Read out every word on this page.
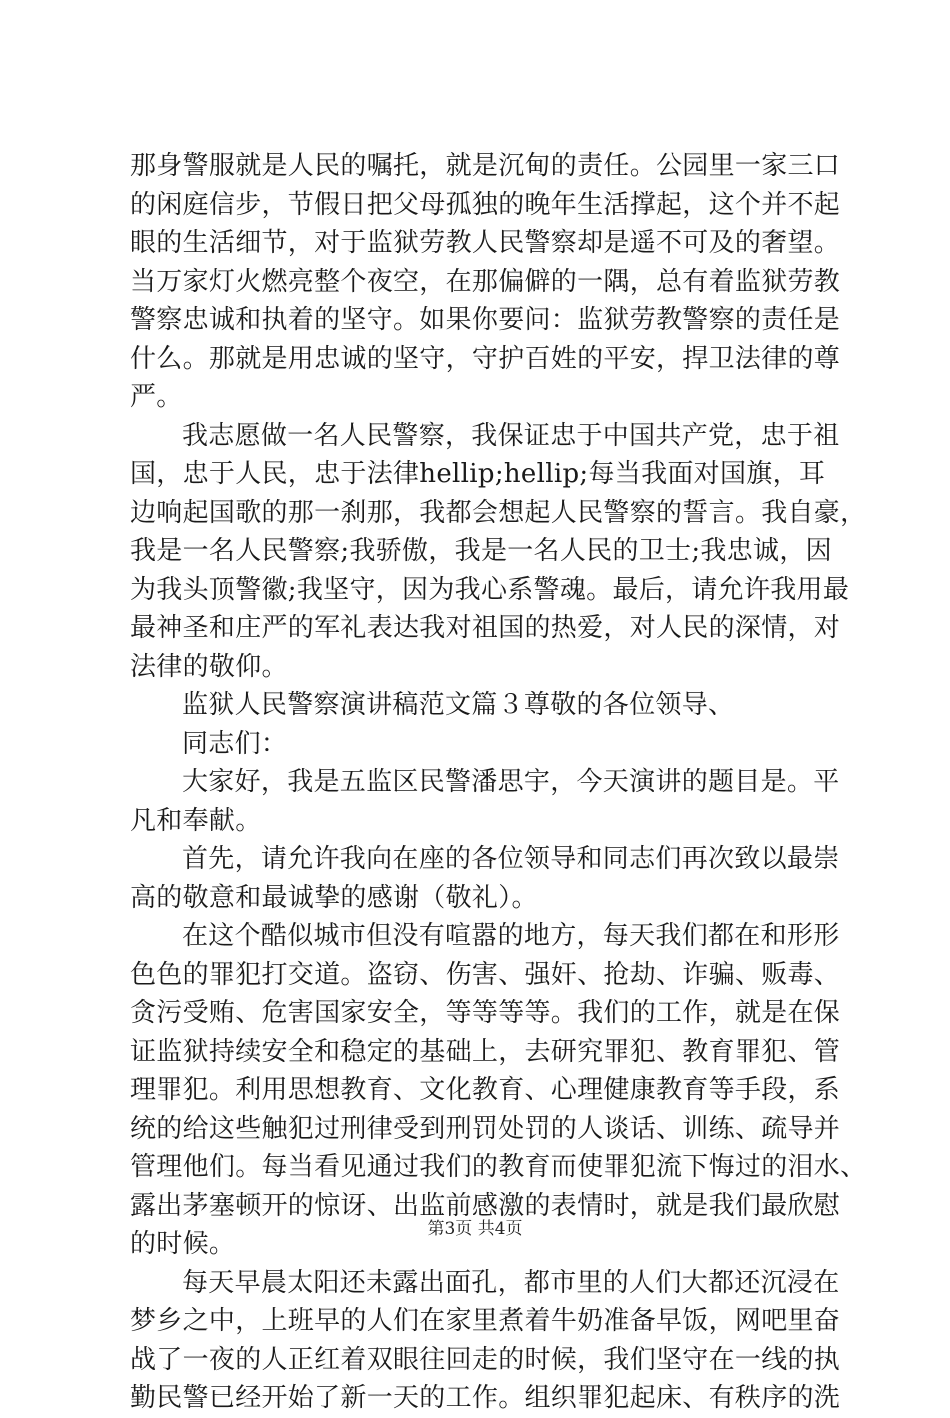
那身警服就是人民的嘱托，就是沉甸的责任。公园里一家三口
的闲庭信步，节假日把父母孤独的晚年生活撑起，这个并不起
眼的生活细节，对于监狱劳教人民警察却是遥不可及的奢望。
当万家灯火燃亮整个夜空，在那偏僻的一隅，总有着监狱劳教
警察忠诚和执着的坚守。如果你要问：监狱劳教警察的责任是
什么。那就是用忠诚的坚守，守护百姓的平安，捍卫法律的尊
严。
我志愿做一名人民警察，我保证忠于中国共产党，忠于祖
国，忠于人民，忠于法律hellip;hellip;每当我面对国旗，耳
边响起国歌的那一刹那，我都会想起人民警察的誓言。我自豪，
我是一名人民警察;我骄傲，我是一名人民的卫士;我忠诚，因
为我头顶警徽;我坚守，因为我心系警魂。最后，请允许我用最
最神圣和庄严的军礼表达我对祖国的热爱，对人民的深情，对
法律的敬仰。
监狱人民警察演讲稿范文篇３尊敬的各位领导、
同志们：
大家好，我是五监区民警潘思宇，今天演讲的题目是。平
凡和奉献。
首先，请允许我向在座的各位领导和同志们再次致以最崇
高的敬意和最诚挚的感谢（敬礼）。
在这个酷似城市但没有喧嚣的地方，每天我们都在和形形
色色的罪犯打交道。盗窃、伤害、强奸、抢劫、诈骗、贩毒、
贪污受贿、危害国家安全，等等等等。我们的工作，就是在保
证监狱持续安全和稳定的基础上，去研究罪犯、教育罪犯、管
理罪犯。利用思想教育、文化教育、心理健康教育等手段，系
统的给这些触犯过刑律受到刑罚处罚的人谈话、训练、疏导并
管理他们。每当看见通过我们的教育而使罪犯流下悔过的泪水、
露出茅塞顿开的惊讶、出监前感激的表情时，就是我们最欣慰
的时候。
每天早晨太阳还未露出面孔，都市里的人们大都还沉浸在
梦乡之中，上班早的人们在家里煮着牛奶准备早饭，网吧里奋
战了一夜的人正红着双眼往回走的时候，我们坚守在一线的执
勤民警已经开始了新一天的工作。组织罪犯起床、有秩序的洗
第3页 共4页
